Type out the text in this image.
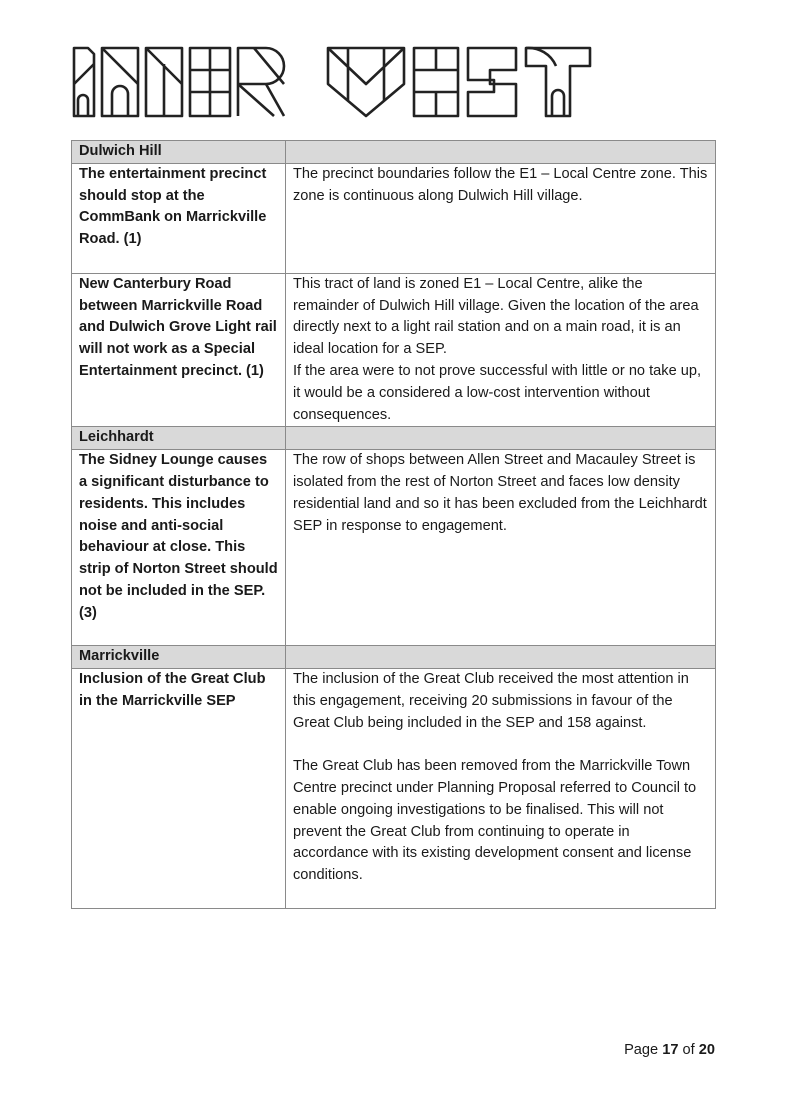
Dulwich Hill	
The entertainment precinct should stop at the CommBank on Marrickville Road. (1)	The precinct boundaries follow the E1 – Local Centre zone. This zone is continuous along Dulwich Hill village.

New Canterbury Road between Marrickville Road and Dulwich Grove Light rail will not work as a Special Entertainment precinct. (1)	This tract of land is zoned E1 – Local Centre, alike the remainder of Dulwich Hill village. Given the location of the area directly next to a light rail station and on a main road, it is an ideal location for a SEP.

If the area were to not prove successful with little or no take up, it would be a considered a low-cost intervention without consequences.

Leichhardt	
The Sidney Lounge causes a significant disturbance to residents. This includes noise and anti-social behaviour at close. This strip of Norton Street should not be included in the SEP. (3)	The row of shops between Allen Street and Macauley Street is isolated from the rest of Norton Street and faces low density residential land and so it has been excluded from the Leichhardt SEP in response to engagement.

Marrickville	
Inclusion of the Great Club in the Marrickville SEP	The inclusion of the Great Club received the most attention in this engagement, receiving 20 submissions in favour of the Great Club being included in the SEP and 158 against.

The Great Club has been removed from the Marrickville Town Centre precinct under Planning Proposal referred to Council to enable ongoing investigations to be finalised. This will not prevent the Great Club from continuing to operate in accordance with its existing development consent and license conditions.

Page 17 of 20
